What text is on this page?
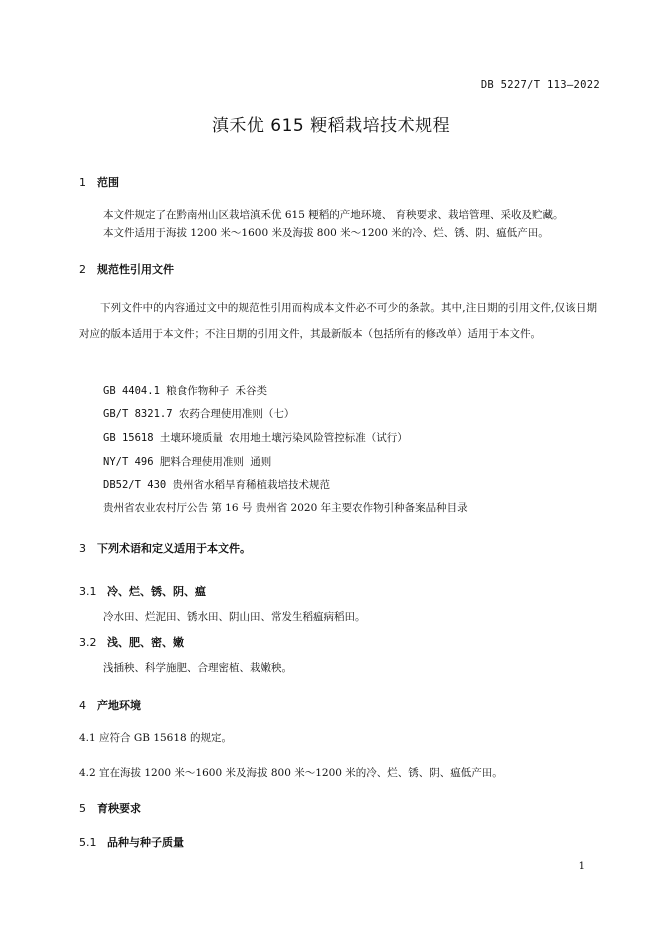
DB 5227/T 113—2022
滇禾优 615 粳稻栽培技术规程
1 范围
本文件规定了在黔南州山区栽培滇禾优 615 粳稻的产地环境、 育秧要求、栽培管理、采收及贮藏。
本文件适用于海拔 1200 米～1600 米及海拔 800 米～1200 米的冷、烂、锈、阴、瘟低产田。
2 规范性引用文件
下列文件中的内容通过文中的规范性引用而构成本文件必不可少的条款。其中,注日期的引用文件,仅该日期对应的版本适用于本文件；不注日期的引用文件，其最新版本（包括所有的修改单）适用于本文件。
GB 4404.1 粮食作物种子 禾谷类
GB/T 8321.7 农药合理使用准则（七）
GB 15618 土壤环境质量 农用地土壤污染风险管控标准（试行）
NY/T 496 肥料合理使用准则 通则
DB52/T 430 贵州省水稻旱育稀植栽培技术规范
贵州省农业农村厅公告 第 16 号 贵州省 2020 年主要农作物引种备案品种目录
3 下列术语和定义适用于本文件。
3.1 冷、烂、锈、阴、瘟
冷水田、烂泥田、锈水田、阴山田、常发生稻瘟病稻田。
3.2 浅、肥、密、嫩
浅插秧、科学施肥、合理密植、栽嫩秧。
4 产地环境
4.1 应符合 GB 15618 的规定。
4.2 宜在海拔 1200 米～1600 米及海拔 800 米～1200 米的冷、烂、锈、阴、瘟低产田。
5 育秧要求
5.1 品种与种子质量
1
